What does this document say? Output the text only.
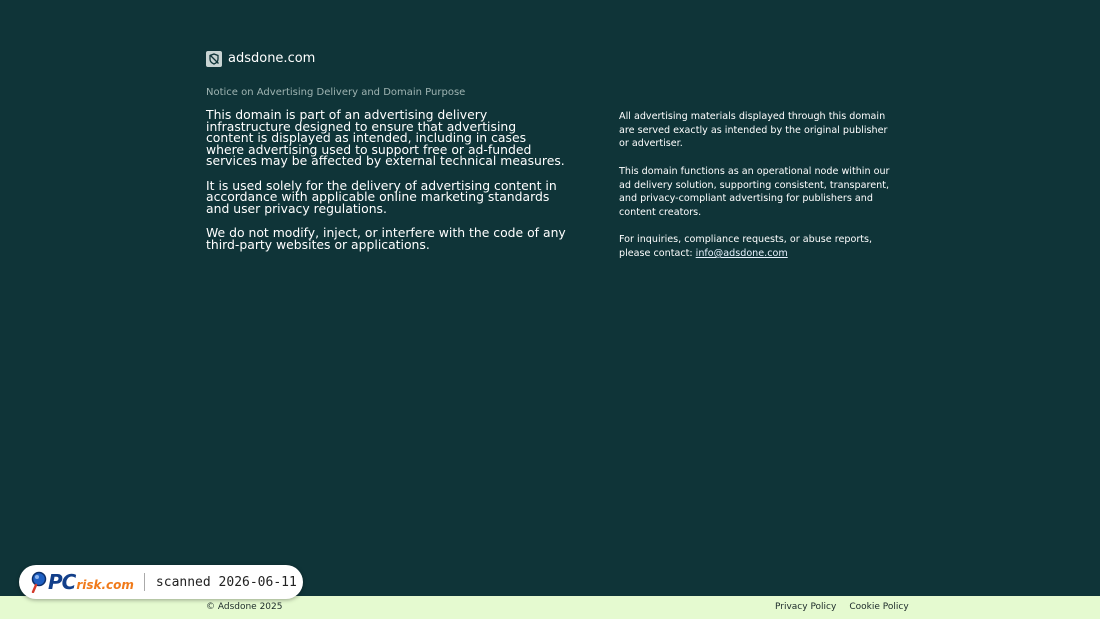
adsdone.com
Notice on Advertising Delivery and Domain Purpose

This domain is part of an advertising delivery infrastructure designed to ensure that advertising content is displayed as intended, including in cases where advertising used to support free or ad-funded services may be affected by external technical measures.

It is used solely for the delivery of advertising content in accordance with applicable online marketing standards and user privacy regulations.

We do not modify, inject, or interfere with the code of any third-party websites or applications.

All advertising materials displayed through this domain are served exactly as intended by the original publisher or advertiser.

This domain functions as an operational node within our ad delivery solution, supporting consistent, transparent, and privacy-compliant advertising for publishers and content creators.

For inquiries, compliance requests, or abuse reports, please contact: info@adsdone.com

© Adsdone 2025	Privacy Policy Cookie Policy
PC risk.com scanned 2026-06-11
